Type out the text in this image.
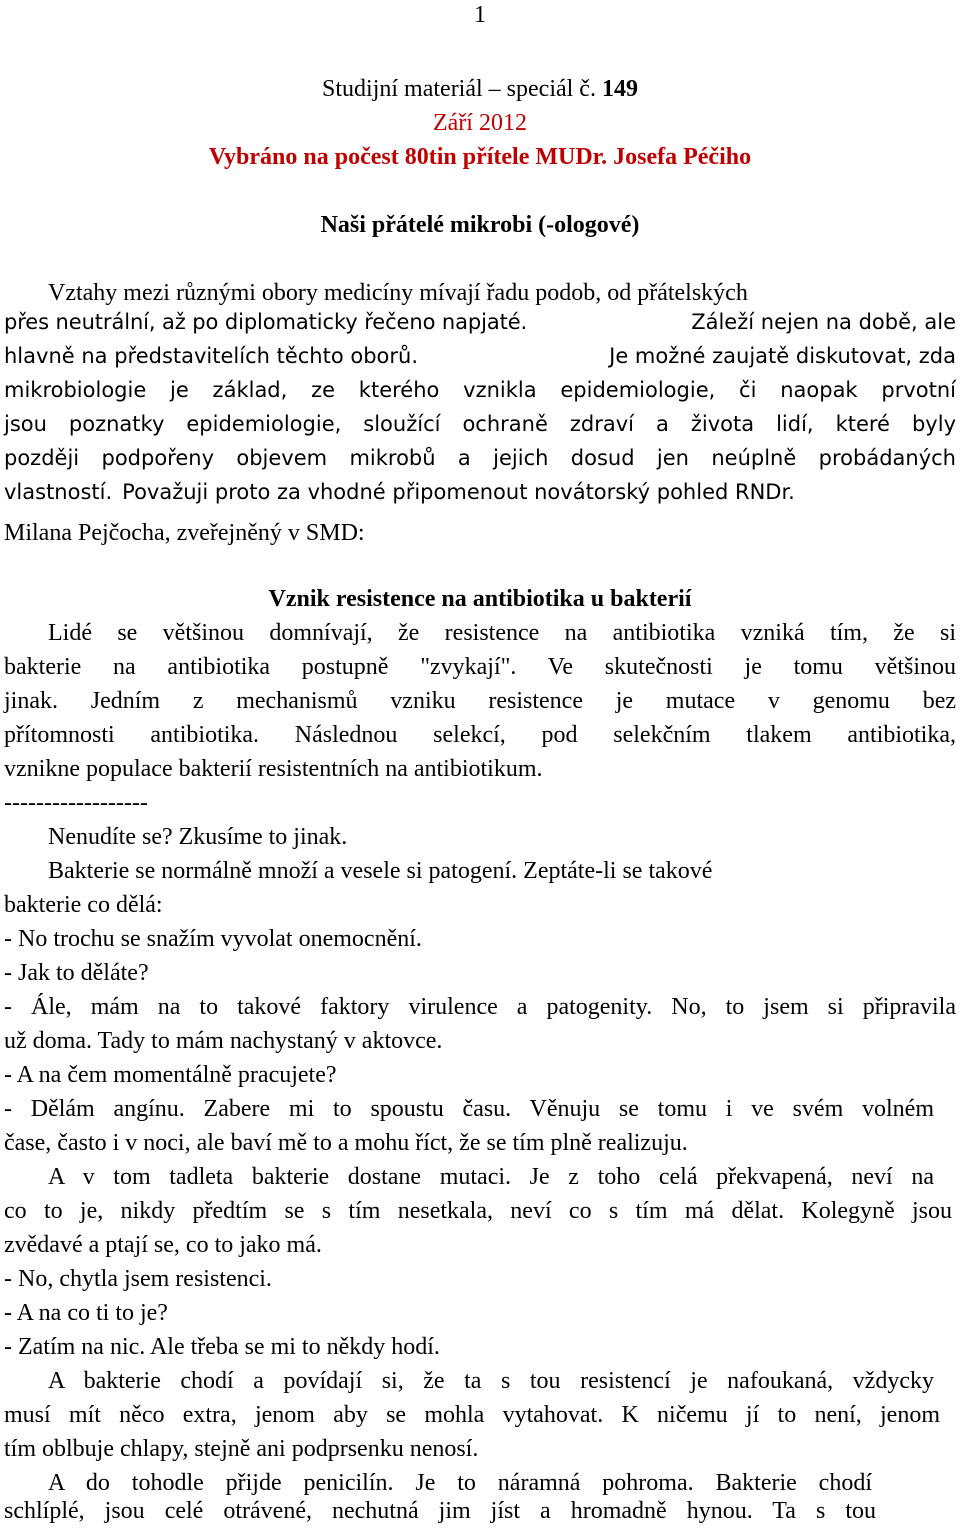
1
Studijní materiál – speciál č. 149
Září 2012
Vybráno na počest 80tin přítele MUDr. Josefa Péčiho
Naši přátelé mikrobi (-ologové)
Vztahy mezi různými obory medicíny mívají řadu podob, od přátelských
přes neutrální, až po diplomaticky řečeno napjaté.	Záleží nejen na době, ale
hlavně na představitelích těchto oborů.	Je možné zaujatě diskutovat, zda
mikrobiologie je základ, ze kterého vznikla epidemiologie, či naopak prvotní
jsou poznatky epidemiologie, sloužící ochraně zdraví a života lidí, které byly
později podpořeny objevem mikrobů a jejich dosud jen neúplně probádaných
vlastností. Považuji proto za vhodné připomenout novátorský pohled RNDr.
Milana Pejčocha, zveřejněný v SMD:
Vznik resistence na antibiotika u bakterií
Lidé se většinou domnívají, že resistence na antibiotika vzniká tím, že si
bakterie na antibiotika postupně "zvykají". Ve skutečnosti je tomu většinou
jinak. Jedním z mechanismů vzniku resistence je mutace v genomu bez
přítomnosti antibiotika. Následnou selekcí, pod selekčním tlakem antibiotika,
vznikne populace bakterií resistentních na antibiotikum.
------------------
Nenudíte se? Zkusíme to jinak.
Bakterie se normálně množí a vesele si patogení. Zeptáte-li se takové
bakterie co dělá:
- No trochu se snažím vyvolat onemocnění.
- Jak to děláte?
- Ále, mám na to takové faktory virulence a patogenity. No, to jsem si připravila
už doma. Tady to mám nachystaný v aktovce.
- A na čem momentálně pracujete?
- Dělám angínu. Zabere mi to spoustu času. Věnuju se tomu i ve svém volném
čase, často i v noci, ale baví mě to a mohu říct, že se tím plně realizuju.
A v tom tadleta bakterie dostane mutaci. Je z toho celá překvapená, neví na
co to je, nikdy předtím se s tím nesetkala, neví co s tím má dělat. Kolegyně jsou
zvědavé a ptají se, co to jako má.
- No, chytla jsem resistenci.
- A na co ti to je?
- Zatím na nic. Ale třeba se mi to někdy hodí.
A bakterie chodí a povídají si, že ta s tou resistencí je nafoukaná, vždycky
musí mít něco extra, jenom aby se mohla vytahovat. K ničemu jí to není, jenom
tím oblbuje chlapy, stejně ani podprsenku nenosí.
A do tohodle přijde penicilín. Je to náramná pohroma. Bakterie chodí
schlíplé, jsou celé otrávené, nechutná jim jíst a hromadně hynou. Ta s tou
